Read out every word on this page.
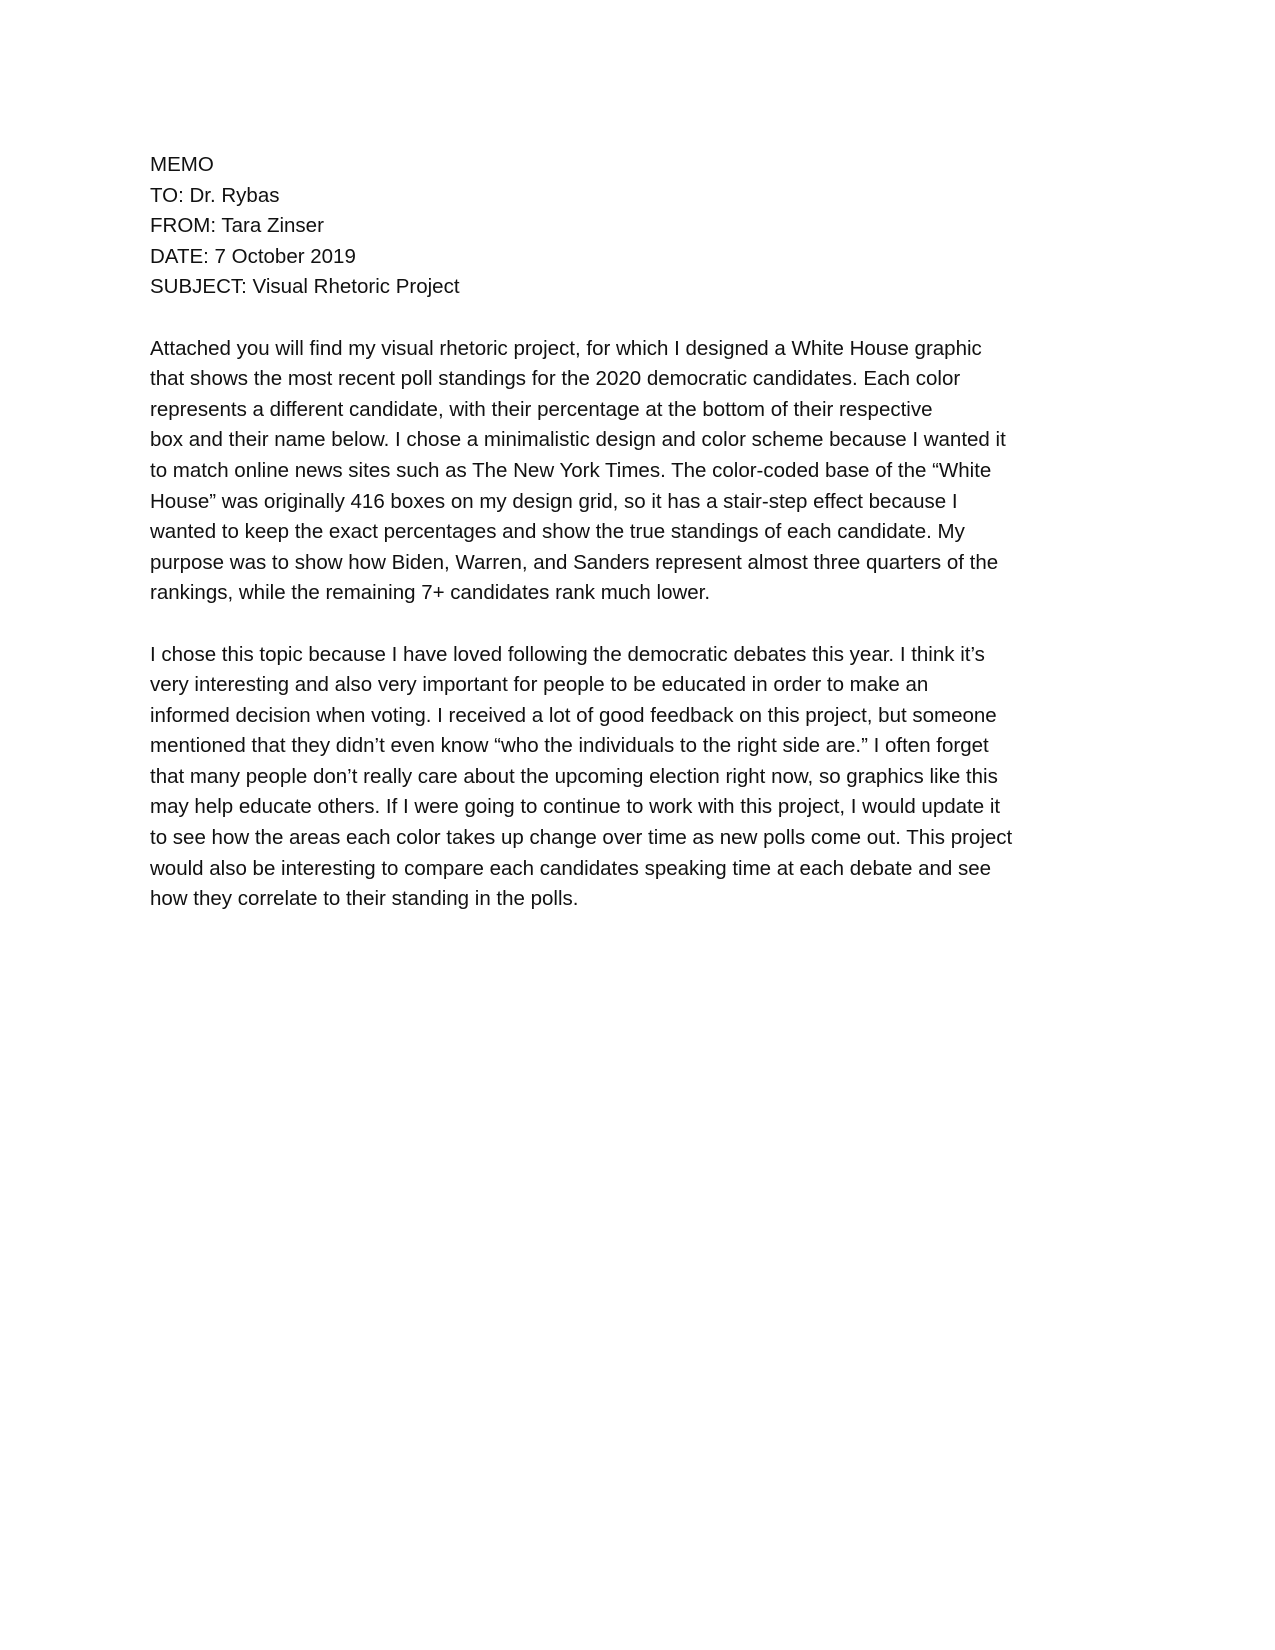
MEMO
TO: Dr. Rybas
FROM: Tara Zinser
DATE: 7 October 2019
SUBJECT: Visual Rhetoric Project
Attached you will find my visual rhetoric project, for which I designed a White House graphic
that shows the most recent poll standings for the 2020 democratic candidates. Each color
represents a different candidate, with their percentage at the bottom of their respective
box and their name below. I chose a minimalistic design and color scheme because I wanted it
to match online news sites such as The New York Times. The color-coded base of the “White
House” was originally 416 boxes on my design grid, so it has a stair-step effect because I
wanted to keep the exact percentages and show the true standings of each candidate. My
purpose was to show how Biden, Warren, and Sanders represent almost three quarters of the
rankings, while the remaining 7+ candidates rank much lower.
I chose this topic because I have loved following the democratic debates this year. I think it’s
very interesting and also very important for people to be educated in order to make an
informed decision when voting. I received a lot of good feedback on this project, but someone
mentioned that they didn’t even know “who the individuals to the right side are.” I often forget
that many people don’t really care about the upcoming election right now, so graphics like this
may help educate others. If I were going to continue to work with this project, I would update it
to see how the areas each color takes up change over time as new polls come out. This project
would also be interesting to compare each candidates speaking time at each debate and see
how they correlate to their standing in the polls.
